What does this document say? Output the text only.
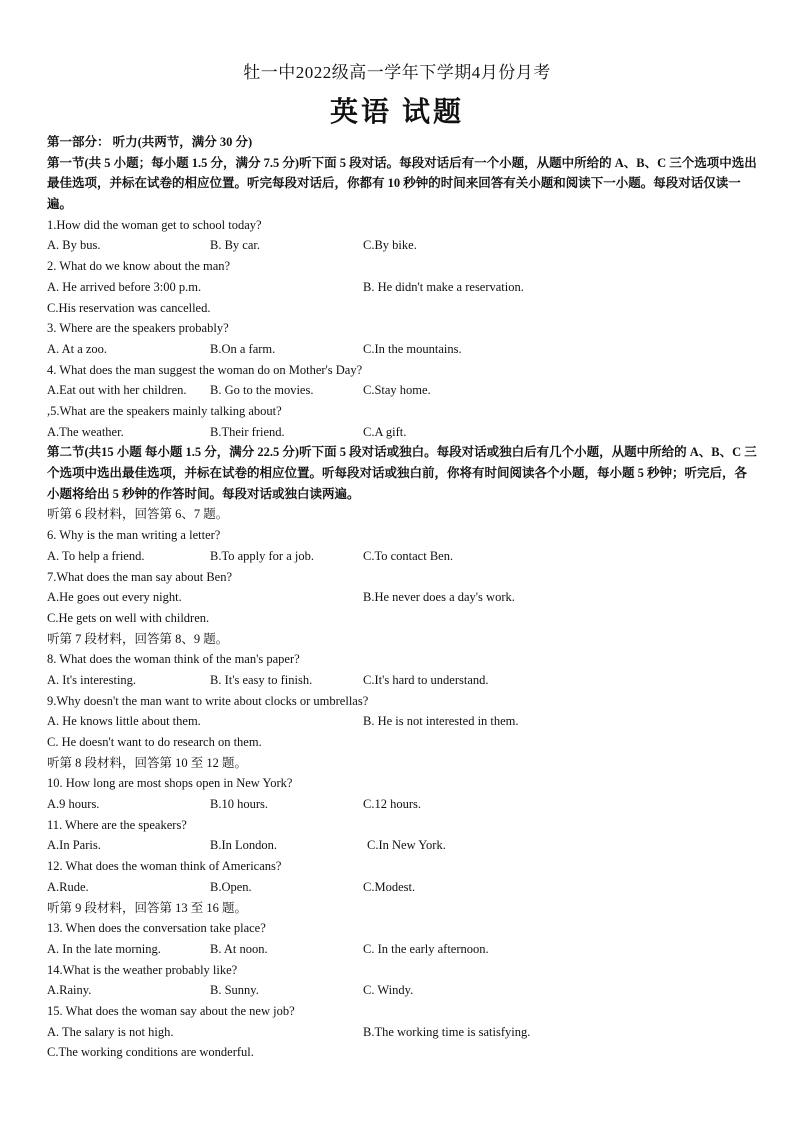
牡一中2022级高一学年下学期4月份月考
英语 试题
第一部分： 听力(共两节，满分 30 分)
第一节(共 5 小题；每小题 1.5 分，满分 7.5 分)听下面 5 段对话。每段对话后有一个小题，从题中所给的 A、B、C 三个选项中选出最佳选项，并标在试卷的相应位置。听完每段对话后，你都有 10 秒钟的时间来回答有关小题和阅读下一小题。每段对话仅读一遍。
1.How did the woman get to school today?
A. By bus.	B. By car.	C.By bike.
2. What do we know about the man?
A. He arrived before 3:00 p.m.	B. He didn't make a reservation.
C.His reservation was cancelled.
3. Where are the speakers probably?
A. At a zoo.	B.On a farm.	C.In the mountains.
4. What does the man suggest the woman do on Mother's Day?
A.Eat out with her children. B. Go to the movies.	C.Stay home.
,5.What are the speakers mainly talking about?
A.The weather.	B.Their friend.	C.A gift.
第二节(共15 小题 每小题 1.5 分，满分 22.5 分)听下面 5 段对话或独白。每段对话或独白后有几个小题，从题中所给的 A、B、C 三个选项中选出最佳选项，并标在试卷的相应位置。听每段对话或独白前，你将有时间阅读各个小题，每小题 5 秒钟；听完后，各小题将给出 5 秒钟的作答时间。每段对话或独白读两遍。
听第 6 段材料，回答第 6、7 题。
6. Why is the man writing a letter?
A. To help a friend.	B.To apply for a job.	C.To contact Ben.
7.What does the man say about Ben?
A.He goes out every night.	B.He never does a day's work.
C.He gets on well with children.
听第 7 段材料，回答第 8、9 题。
8. What does the woman think of the man's paper?
A. It's interesting.	B. It's easy to finish.	C.It's hard to understand.
9.Why doesn't the man want to write about clocks or umbrellas?
A. He knows little about them.	B. He is not interested in them.
C. He doesn't want to do research on them.
听第 8 段材料，回答第 10 至 12 题。
10. How long are most shops open in New York?
A.9 hours.	B.10 hours.	C.12 hours.
11. Where are the speakers?
A.In Paris.	B.In London.	C.In New York.
12. What does the woman think of Americans?
A.Rude.	B.Open.	C.Modest.
听第 9 段材料，回答第 13 至 16 题。
13. When does the conversation take place?
A. In the late morning.	B. At noon.	C. In the early afternoon.
14.What is the weather probably like?
A.Rainy.	B. Sunny.	C. Windy.
15. What does the woman say about the new job?
A. The salary is not high.	B.The working time is satisfying.
C.The working conditions are wonderful.
